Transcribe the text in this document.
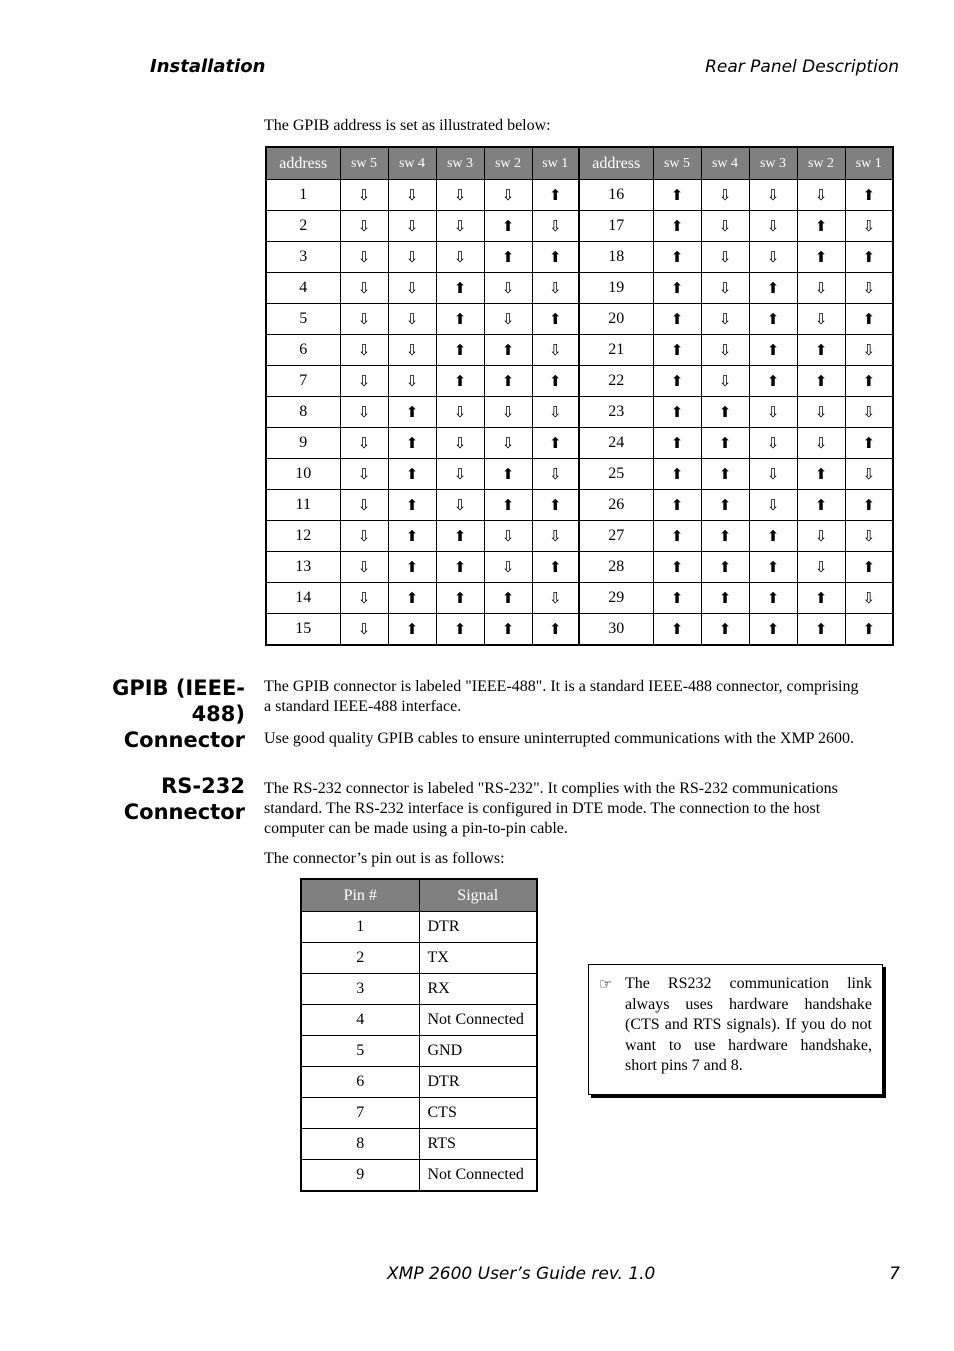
Installation	Rear Panel Description
The GPIB address is set as illustrated below:
address	sw 5	sw 4	sw 3	sw 2	sw 1	address	sw 5	sw 4	sw 3	sw 2	sw 1
1	⇩	⇩	⇩	⇩	⬆	16	⬆	⇩	⇩	⇩	⬆
2	⇩	⇩	⇩	⬆	⇩	17	⬆	⇩	⇩	⬆	⇩
3	⇩	⇩	⇩	⬆	⬆	18	⬆	⇩	⇩	⬆	⬆
4	⇩	⇩	⬆	⇩	⇩	19	⬆	⇩	⬆	⇩	⇩
5	⇩	⇩	⬆	⇩	⬆	20	⬆	⇩	⬆	⇩	⬆
6	⇩	⇩	⬆	⬆	⇩	21	⬆	⇩	⬆	⬆	⇩
7	⇩	⇩	⬆	⬆	⬆	22	⬆	⇩	⬆	⬆	⬆
8	⇩	⬆	⇩	⇩	⇩	23	⬆	⬆	⇩	⇩	⇩
9	⇩	⬆	⇩	⇩	⬆	24	⬆	⬆	⇩	⇩	⬆
10	⇩	⬆	⇩	⬆	⇩	25	⬆	⬆	⇩	⬆	⇩
11	⇩	⬆	⇩	⬆	⬆	26	⬆	⬆	⇩	⬆	⬆
12	⇩	⬆	⬆	⇩	⇩	27	⬆	⬆	⬆	⇩	⇩
13	⇩	⬆	⬆	⇩	⬆	28	⬆	⬆	⬆	⇩	⬆
14	⇩	⬆	⬆	⬆	⇩	29	⬆	⬆	⬆	⬆	⇩
15	⇩	⬆	⬆	⬆	⬆	30	⬆	⬆	⬆	⬆	⬆
GPIB (IEEE-488) Connector
The GPIB connector is labeled "IEEE-488". It is a standard IEEE-488 connector, comprising a standard IEEE-488 interface.
Use good quality GPIB cables to ensure uninterrupted communications with the XMP 2600.
RS-232 Connector
The RS-232 connector is labeled "RS-232". It complies with the RS-232 communications standard. The RS-232 interface is configured in DTE mode. The connection to the host computer can be made using a pin-to-pin cable.
The connector’s pin out is as follows:
Pin #	Signal
1	DTR
2	TX
3	RX
4	Not Connected
5	GND
6	DTR
7	CTS
8	RTS
9	Not Connected
☞ The RS232 communication link always uses hardware handshake (CTS and RTS signals). If you do not want to use hardware handshake, short pins 7 and 8.
XMP 2600 User’s Guide rev. 1.0	7
